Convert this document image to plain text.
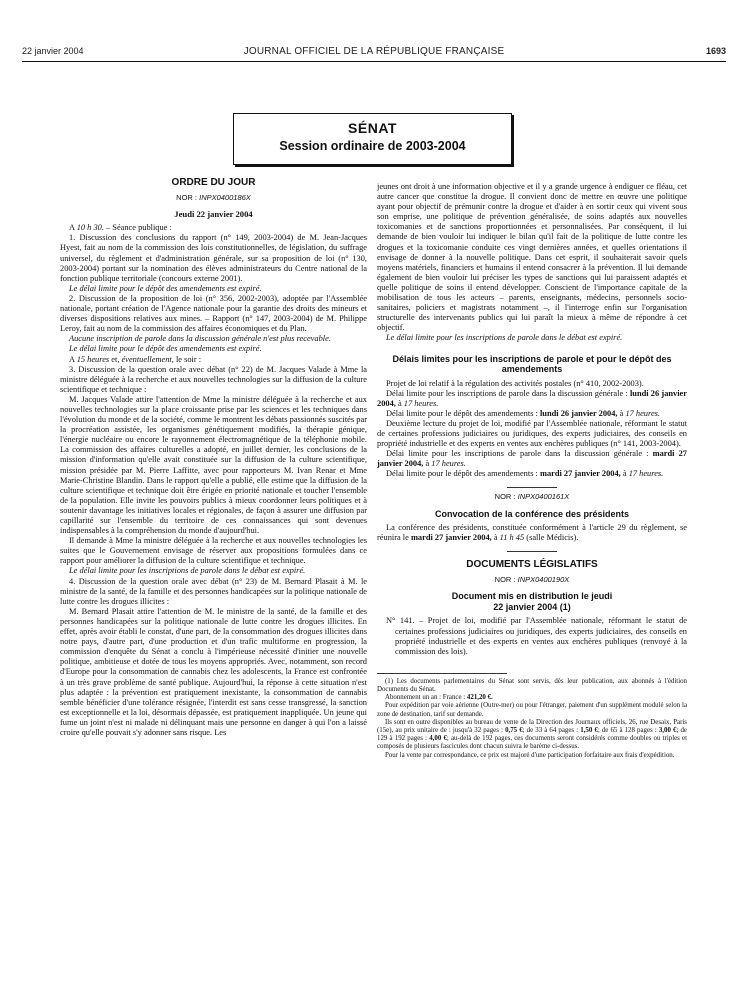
22 janvier 2004	JOURNAL OFFICIEL DE LA RÉPUBLIQUE FRANÇAISE	1693
SÉNAT
Session ordinaire de 2003-2004
ORDRE DU JOUR
NOR : INPX0400186X
Jeudi 22 janvier 2004

A 10 h 30. – Séance publique :

1. Discussion des conclusions du rapport (n° 149, 2003-2004) de M. Jean-Jacques Hyest, fait au nom de la commission des lois constitutionnelles, de législation, du suffrage universel, du règlement et d'administration générale, sur sa proposition de loi (n° 130, 2003-2004) portant sur la nomination des élèves administrateurs du Centre national de la fonction publique territoriale (concours externe 2001).

Le délai limite pour le dépôt des amendements est expiré.

2. Discussion de la proposition de loi (n° 356, 2002-2003), adoptée par l'Assemblée nationale, portant création de l'Agence nationale pour la garantie des droits des mineurs et diverses dispositions relatives aux mines. – Rapport (n° 147, 2003-2004) de M. Philippe Leroy, fait au nom de la commission des affaires économiques et du Plan.

Aucune inscription de parole dans la discussion générale n'est plus recevable.

Le délai limite pour le dépôt des amendements est expiré.

A 15 heures et, éventuellement, le soir :

3. Discussion de la question orale avec débat (n° 22) de M. Jacques Valade à Mme la ministre déléguée à la recherche et aux nouvelles technologies sur la diffusion de la culture scientifique et technique :

M. Jacques Valade attire l'attention de Mme la ministre déléguée à la recherche et aux nouvelles technologies sur la place croissante prise par les sciences et les techniques dans l'évolution du monde et de la société, comme le montrent les débats passionnés suscités par la procréation assistée, les organismes génétiquement modifiés, la thérapie génique, l'énergie nucléaire ou encore le rayonnement électromagnétique de la téléphonie mobile. La commission des affaires culturelles a adopté, en juillet dernier, les conclusions de la mission d'information qu'elle avait constituée sur la diffusion de la culture scientifique, mission présidée par M. Pierre Laffitte, avec pour rapporteurs M. Ivan Renar et Mme Marie-Christine Blandin. Dans le rapport qu'elle a publié, elle estime que la diffusion de la culture scientifique et technique doit être érigée en priorité nationale et toucher l'ensemble de la population. Elle invite les pouvoirs publics à mieux coordonner leurs politiques et à soutenir davantage les initiatives locales et régionales, de façon à assurer une diffusion par capillarité sur l'ensemble du territoire de ces connaissances qui sont devenues indispensables à la compréhension du monde d'aujourd'hui.

Il demande à Mme la ministre déléguée à la recherche et aux nouvelles technologies les suites que le Gouvernement envisage de réserver aux propositions formulées dans ce rapport pour améliorer la diffusion de la culture scientifique et technique.

Le délai limite pour les inscriptions de parole dans le débat est expiré.

4. Discussion de la question orale avec débat (n° 23) de M. Bernard Plasait à M. le ministre de la santé, de la famille et des personnes handicapées sur la politique nationale de lutte contre les drogues illicites :

M. Bernard Plasait attire l'attention de M. le ministre de la santé, de la famille et des personnes handicapées sur la politique nationale de lutte contre les drogues illicites. En effet, après avoir établi le constat, d'une part, de la consommation des drogues illicites dans notre pays, d'autre part, d'une production et d'un trafic multiforme en progression, la commission d'enquête du Sénat a conclu à l'impérieuse nécessité d'initier une nouvelle politique, ambitieuse et dotée de tous les moyens appropriés. Avec, notamment, son record d'Europe pour la consommation de cannabis chez les adolescents, la France est confrontée à un très grave problème de santé publique. Aujourd'hui, la réponse à cette situation n'est plus adaptée : la prévention est pratiquement inexistante, la consommation de cannabis semble bénéficier d'une tolérance résignée, l'interdit est sans cesse transgressé, la sanction est exceptionnelle et la loi, désormais dépassée, est pratiquement inappliquée. Un jeune qui fume un joint n'est ni malade ni délinquant mais une personne en danger à qui l'on a laissé croire qu'elle pouvait s'y adonner sans risque. Les

jeunes ont droit à une information objective et il y a grande urgence à endiguer ce fléau, cet autre cancer que constitue la drogue. Il convient donc de mettre en œuvre une politique ayant pour objectif de prémunir contre la drogue et d'aider à en sortir ceux qui vivent sous son emprise, une politique de prévention généralisée, de soins adaptés aux nouvelles toxicomanies et de sanctions proportionnées et personnalisées. Par conséquent, il lui demande de bien vouloir lui indiquer le bilan qu'il fait de la politique de lutte contre les drogues et la toxicomanie conduite ces vingt dernières années, et quelles orientations il envisage de donner à la nouvelle politique. Dans cet esprit, il souhaiterait savoir quels moyens matériels, financiers et humains il entend consacrer à la prévention. Il lui demande également de bien vouloir lui préciser les types de sanctions qui lui paraissent adaptés et quelle politique de soins il entend développer. Conscient de l'importance capitale de la mobilisation de tous les acteurs – parents, enseignants, médecins, personnels socio-sanitaires, policiers et magistrats notamment –, il l'interroge enfin sur l'organisation structurelle des intervenants publics qui lui paraît la mieux à même de répondre à cet objectif.

Le délai limite pour les inscriptions de parole dans le débat est expiré.

Délais limites pour les inscriptions de parole et pour le dépôt des amendements

Projet de loi relatif à la régulation des activités postales (n° 410, 2002-2003).

Délai limite pour les inscriptions de parole dans la discussion générale : lundi 26 janvier 2004, à 17 heures.

Délai limite pour le dépôt des amendements : lundi 26 janvier 2004, à 17 heures.

Deuxième lecture du projet de loi, modifié par l'Assemblée nationale, réformant le statut de certaines professions judiciaires ou juridiques, des experts judiciaires, des conseils en propriété industrielle et des experts en ventes aux enchères publiques (n° 141, 2003-2004).

Délai limite pour les inscriptions de parole dans la discussion générale : mardi 27 janvier 2004, à 17 heures.

Délai limite pour le dépôt des amendements : mardi 27 janvier 2004, à 17 heures.

NOR : INPX0400161X
Convocation de la conférence des présidents

La conférence des présidents, constituée conformément à l'article 29 du règlement, se réunira le mardi 27 janvier 2004, à 11 h 45 (salle Médicis).

DOCUMENTS LÉGISLATIFS
NOR : INPX0400190X
Document mis en distribution le jeudi 22 janvier 2004 (1)

N° 141. – Projet de loi, modifié par l'Assemblée nationale, réformant le statut de certaines professions judiciaires ou juridiques, des experts judiciaires, des conseils en propriété industrielle et des experts en ventes aux enchères publiques (renvoyé à la commission des lois).

(1) Les documents parlementaires du Sénat sont servis, dès leur publication, aux abonnés à l'édition Documents du Sénat.

Abonnement un an : France : 421,20 €.

Pour expédition par voie aérienne (Outre-mer) ou pour l'étranger, paiement d'un supplément modulé selon la zone de destination, tarif sur demande.

Ils sont en outre disponibles au bureau de vente de la Direction des Journaux officiels, 26, rue Desaix, Paris (15e), au prix unitaire de : jusqu'à 32 pages : 0,75 €; de 33 à 64 pages : 1,50 €; de 65 à 128 pages : 3,00 €; de 129 à 192 pages : 4,00 €; au-delà de 192 pages, ces documents seront considérés comme doubles ou triples et composés de plusieurs fascicules dont chacun suivra le barème ci-dessus.

Pour la vente par correspondance, ce prix est majoré d'une participation forfaitaire aux frais d'expédition.
